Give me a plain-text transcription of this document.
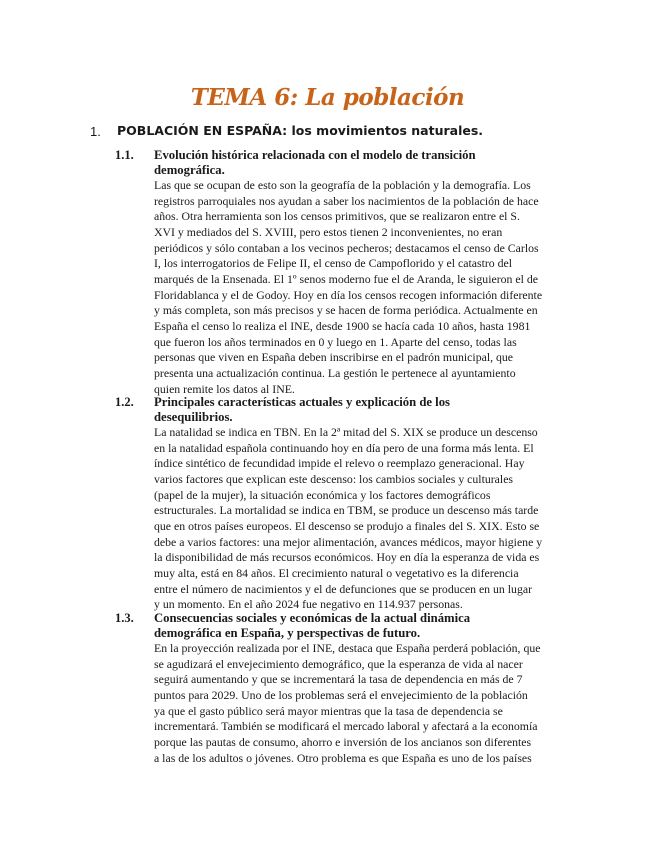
TEMA 6: La población
1. POBLACIÓN EN ESPAÑA: los movimientos naturales.
1.1. Evolución histórica relacionada con el modelo de transición
demográfica.
Las que se ocupan de esto son la geografía de la población y la demografía. Los
registros parroquiales nos ayudan a saber los nacimientos de la población de hace
años. Otra herramienta son los censos primitivos, que se realizaron entre el S.
XVI y mediados del S. XVIII, pero estos tienen 2 inconvenientes, no eran
periódicos y sólo contaban a los vecinos pecheros; destacamos el censo de Carlos
I, los interrogatorios de Felipe II, el censo de Campoflorido y el catastro del
marqués de la Ensenada. El 1º senos moderno fue el de Aranda, le siguieron el de
Floridablanca y el de Godoy. Hoy en día los censos recogen información diferente
y más completa, son más precisos y se hacen de forma periódica. Actualmente en
España el censo lo realiza el INE, desde 1900 se hacía cada 10 años, hasta 1981
que fueron los años terminados en 0 y luego en 1. Aparte del censo, todas las
personas que viven en España deben inscribirse en el padrón municipal, que
presenta una actualización continua. La gestión le pertenece al ayuntamiento
quien remite los datos al INE.
1.2. Principales características actuales y explicación de los
desequilibrios.
La natalidad se indica en TBN. En la 2ª mitad del S. XIX se produce un descenso
en la natalidad española continuando hoy en día pero de una forma más lenta. El
índice sintético de fecundidad impide el relevo o reemplazo generacional. Hay
varios factores que explican este descenso: los cambios sociales y culturales
(papel de la mujer), la situación económica y los factores demográficos
estructurales. La mortalidad se indica en TBM, se produce un descenso más tarde
que en otros países europeos. El descenso se produjo a finales del S. XIX. Esto se
debe a varios factores: una mejor alimentación, avances médicos, mayor higiene y
la disponibilidad de más recursos económicos. Hoy en día la esperanza de vida es
muy alta, está en 84 años. El crecimiento natural o vegetativo es la diferencia
entre el número de nacimientos y el de defunciones que se producen en un lugar
y un momento. En el año 2024 fue negativo en 114.937 personas.
1.3. Consecuencias sociales y económicas de la actual dinámica
demográfica en España, y perspectivas de futuro.
En la proyección realizada por el INE, destaca que España perderá población, que
se agudizará el envejecimiento demográfico, que la esperanza de vida al nacer
seguirá aumentando y que se incrementará la tasa de dependencia en más de 7
puntos para 2029. Uno de los problemas será el envejecimiento de la población
ya que el gasto público será mayor mientras que la tasa de dependencia se
incrementará. También se modificará el mercado laboral y afectará a la economía
porque las pautas de consumo, ahorro e inversión de los ancianos son diferentes
a las de los adultos o jóvenes. Otro problema es que España es uno de los países
